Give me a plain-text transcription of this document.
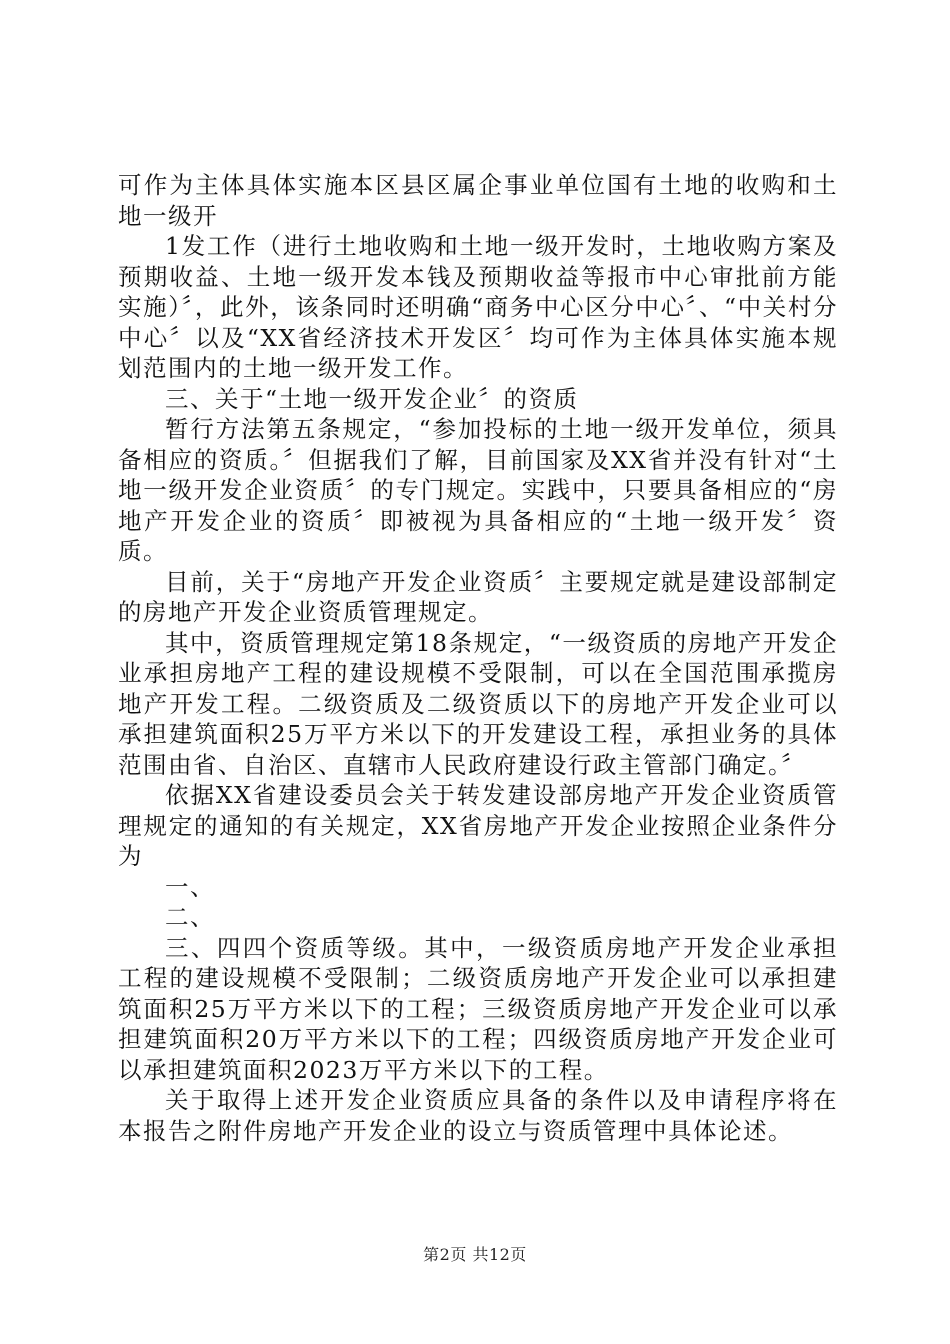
可作为主体具体实施本区县区属企事业单位国有土地的收购和土地一级开

1发工作（进行土地收购和土地一级开发时，土地收购方案及预期收益、土地一级开发本钱及预期收益等报市中心审批前方能实施）〞，此外，该条同时还明确“商务中心区分中心〞、“中关村分中心〞以及“XX省经济技术开发区〞均可作为主体具体实施本规划范围内的土地一级开发工作。

三、关于“土地一级开发企业〞的资质

暂行方法第五条规定，“参加投标的土地一级开发单位，须具备相应的资质。〞但据我们了解，目前国家及XX省并没有针对“土地一级开发企业资质〞的专门规定。实践中，只要具备相应的“房地产开发企业的资质〞即被视为具备相应的“土地一级开发〞资质。

目前，关于“房地产开发企业资质〞主要规定就是建设部制定的房地产开发企业资质管理规定。

其中，资质管理规定第18条规定，“一级资质的房地产开发企业承担房地产工程的建设规模不受限制，可以在全国范围承揽房地产开发工程。二级资质及二级资质以下的房地产开发企业可以承担建筑面积25万平方米以下的开发建设工程，承担业务的具体范围由省、自治区、直辖市人民政府建设行政主管部门确定。〞

依据XX省建设委员会关于转发建设部房地产开发企业资质管理规定的通知的有关规定，XX省房地产开发企业按照企业条件分为

一、

二、

三、四四个资质等级。其中，一级资质房地产开发企业承担工程的建设规模不受限制；二级资质房地产开发企业可以承担建筑面积25万平方米以下的工程；三级资质房地产开发企业可以承担建筑面积20万平方米以下的工程；四级资质房地产开发企业可以承担建筑面积2023万平方米以下的工程。

关于取得上述开发企业资质应具备的条件以及申请程序将在本报告之附件房地产开发企业的设立与资质管理中具体论述。

第2页 共12页
